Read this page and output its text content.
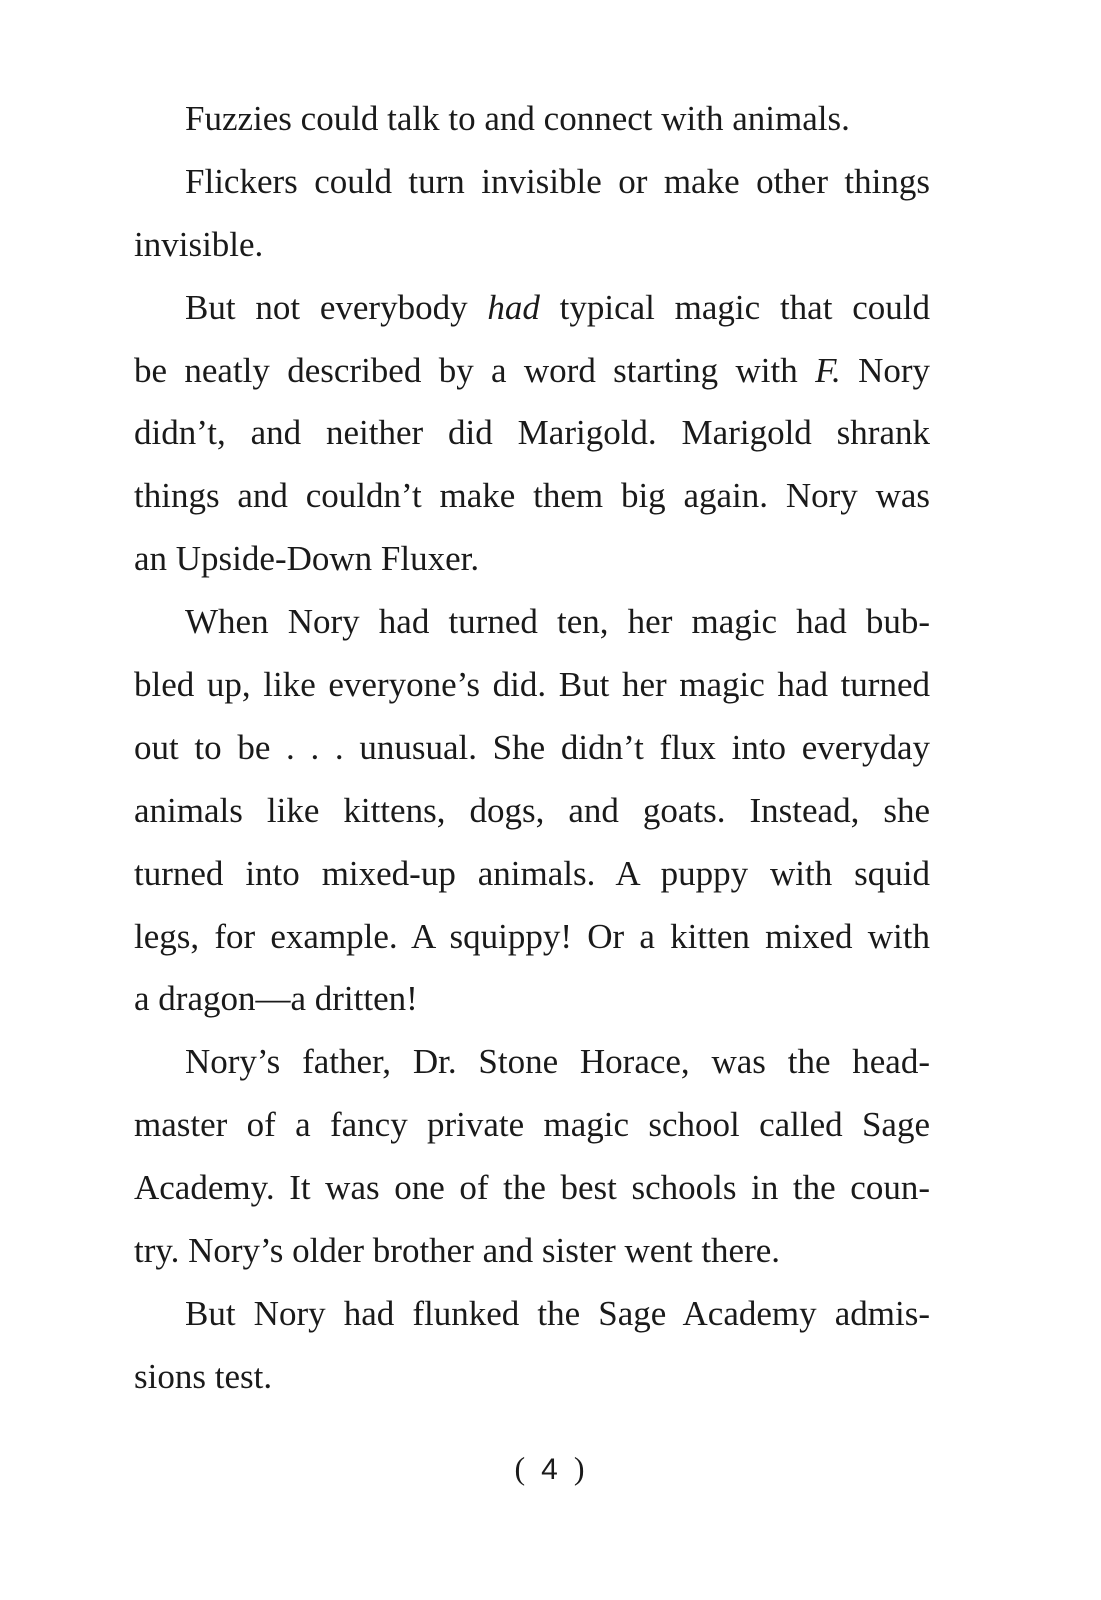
Fuzzies could talk to and connect with animals.
Flickers could turn invisible or make other things
invisible.
But not everybody had typical magic that could
be neatly described by a word starting with F. Nory
didn’t, and neither did Marigold. Marigold shrank
things and couldn’t make them big again. Nory was
an Upside-Down Fluxer.
When Nory had turned ten, her magic had bub-
bled up, like everyone’s did. But her magic had turned
out to be . . . unusual. She didn’t flux into everyday
animals like kittens, dogs, and goats. Instead, she
turned into mixed-up animals. A puppy with squid
legs, for example. A squippy! Or a kitten mixed with
a dragon—a dritten!
Nory’s father, Dr. Stone Horace, was the head-
master of a fancy private magic school called Sage
Academy. It was one of the best schools in the coun-
try. Nory’s older brother and sister went there.
But Nory had flunked the Sage Academy admis-
sions test.
( 4 )
